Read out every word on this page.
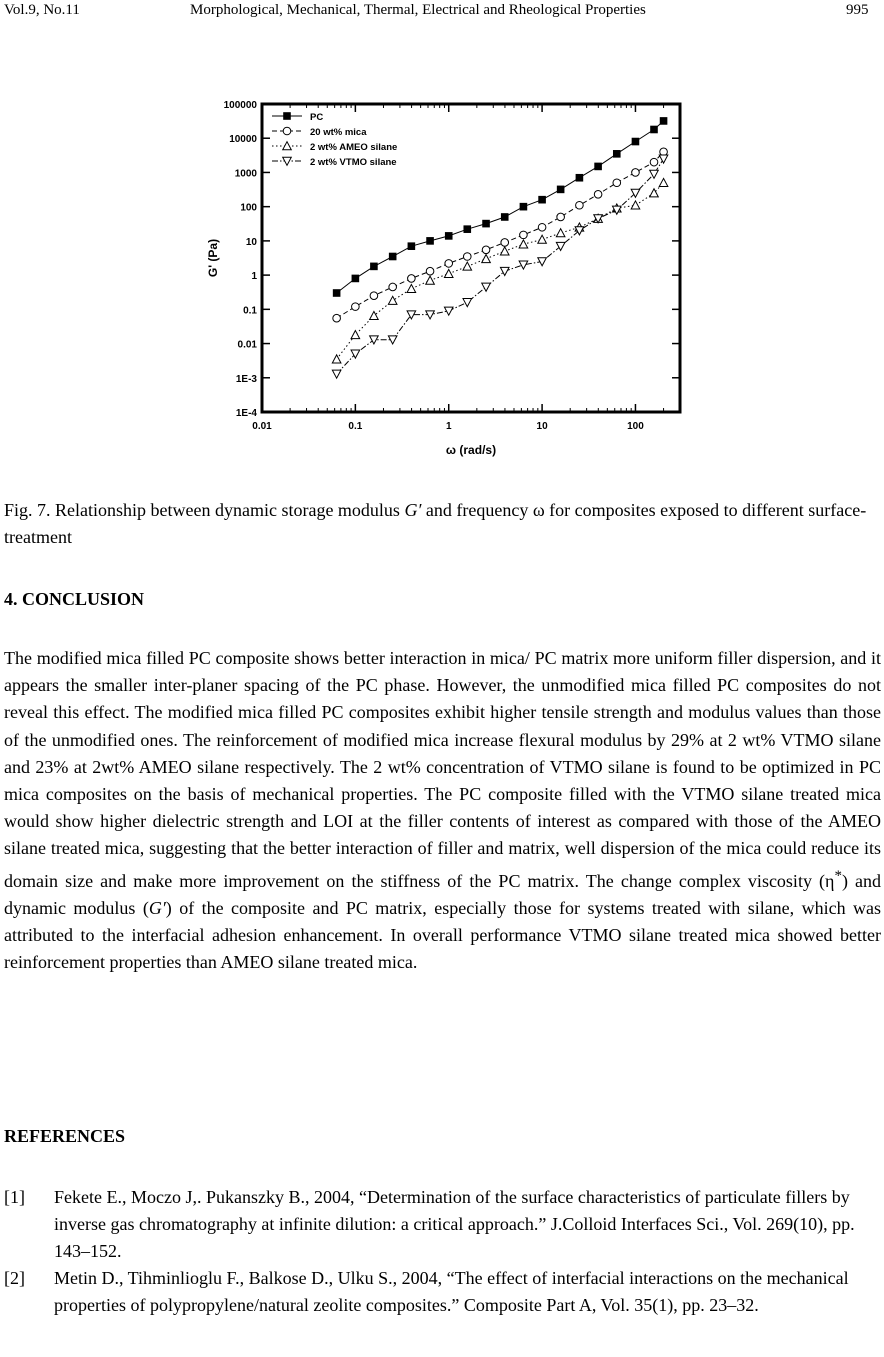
Vol.9, No.11	Morphological, Mechanical, Thermal, Electrical and Rheological Properties	995
0.01	0.1	1	10	100
1E-4
1E-3
0.01
0.1
1
10
100
1000
10000
100000
ω (rad/s)
G' (Pa)
PC
20 wt% mica
2 wt% AMEO silane
2 wt% VTMO silane
Fig. 7. Relationship between dynamic storage modulus G′ and frequency ω for composites exposed to different surface-treatment
4. CONCLUSION
The modified mica filled PC composite shows better interaction in mica/ PC matrix more uniform filler dispersion, and it appears the smaller inter-planer spacing of the PC phase. However, the unmodified mica filled PC composites do not reveal this effect. The modified mica filled PC composites exhibit higher tensile strength and modulus values than those of the unmodified ones. The reinforcement of modified mica increase flexural modulus by 29% at 2 wt% VTMO silane and 23% at 2wt% AMEO silane respectively. The 2 wt% concentration of VTMO silane is found to be optimized in PC mica composites on the basis of mechanical properties. The PC composite filled with the VTMO silane treated mica would show higher dielectric strength and LOI at the filler contents of interest as compared with those of the AMEO silane treated mica, suggesting that the better interaction of filler and matrix, well dispersion of the mica could reduce its domain size and make more improvement on the stiffness of the PC matrix. The change complex viscosity (η*) and dynamic modulus (G′) of the composite and PC matrix, especially those for systems treated with silane, which was attributed to the interfacial adhesion enhancement. In overall performance VTMO silane treated mica showed better reinforcement properties than AMEO silane treated mica.
REFERENCES
[1] Fekete E., Moczo J,. Pukanszky B., 2004, “Determination of the surface characteristics of particulate fillers by inverse gas chromatography at infinite dilution: a critical approach.” J.Colloid Interfaces Sci., Vol. 269(10), pp. 143–152.
[2] Metin D., Tihminlioglu F., Balkose D., Ulku S., 2004, “The effect of interfacial interactions on the mechanical properties of polypropylene/natural zeolite composites.” Composite Part A, Vol. 35(1), pp. 23–32.
